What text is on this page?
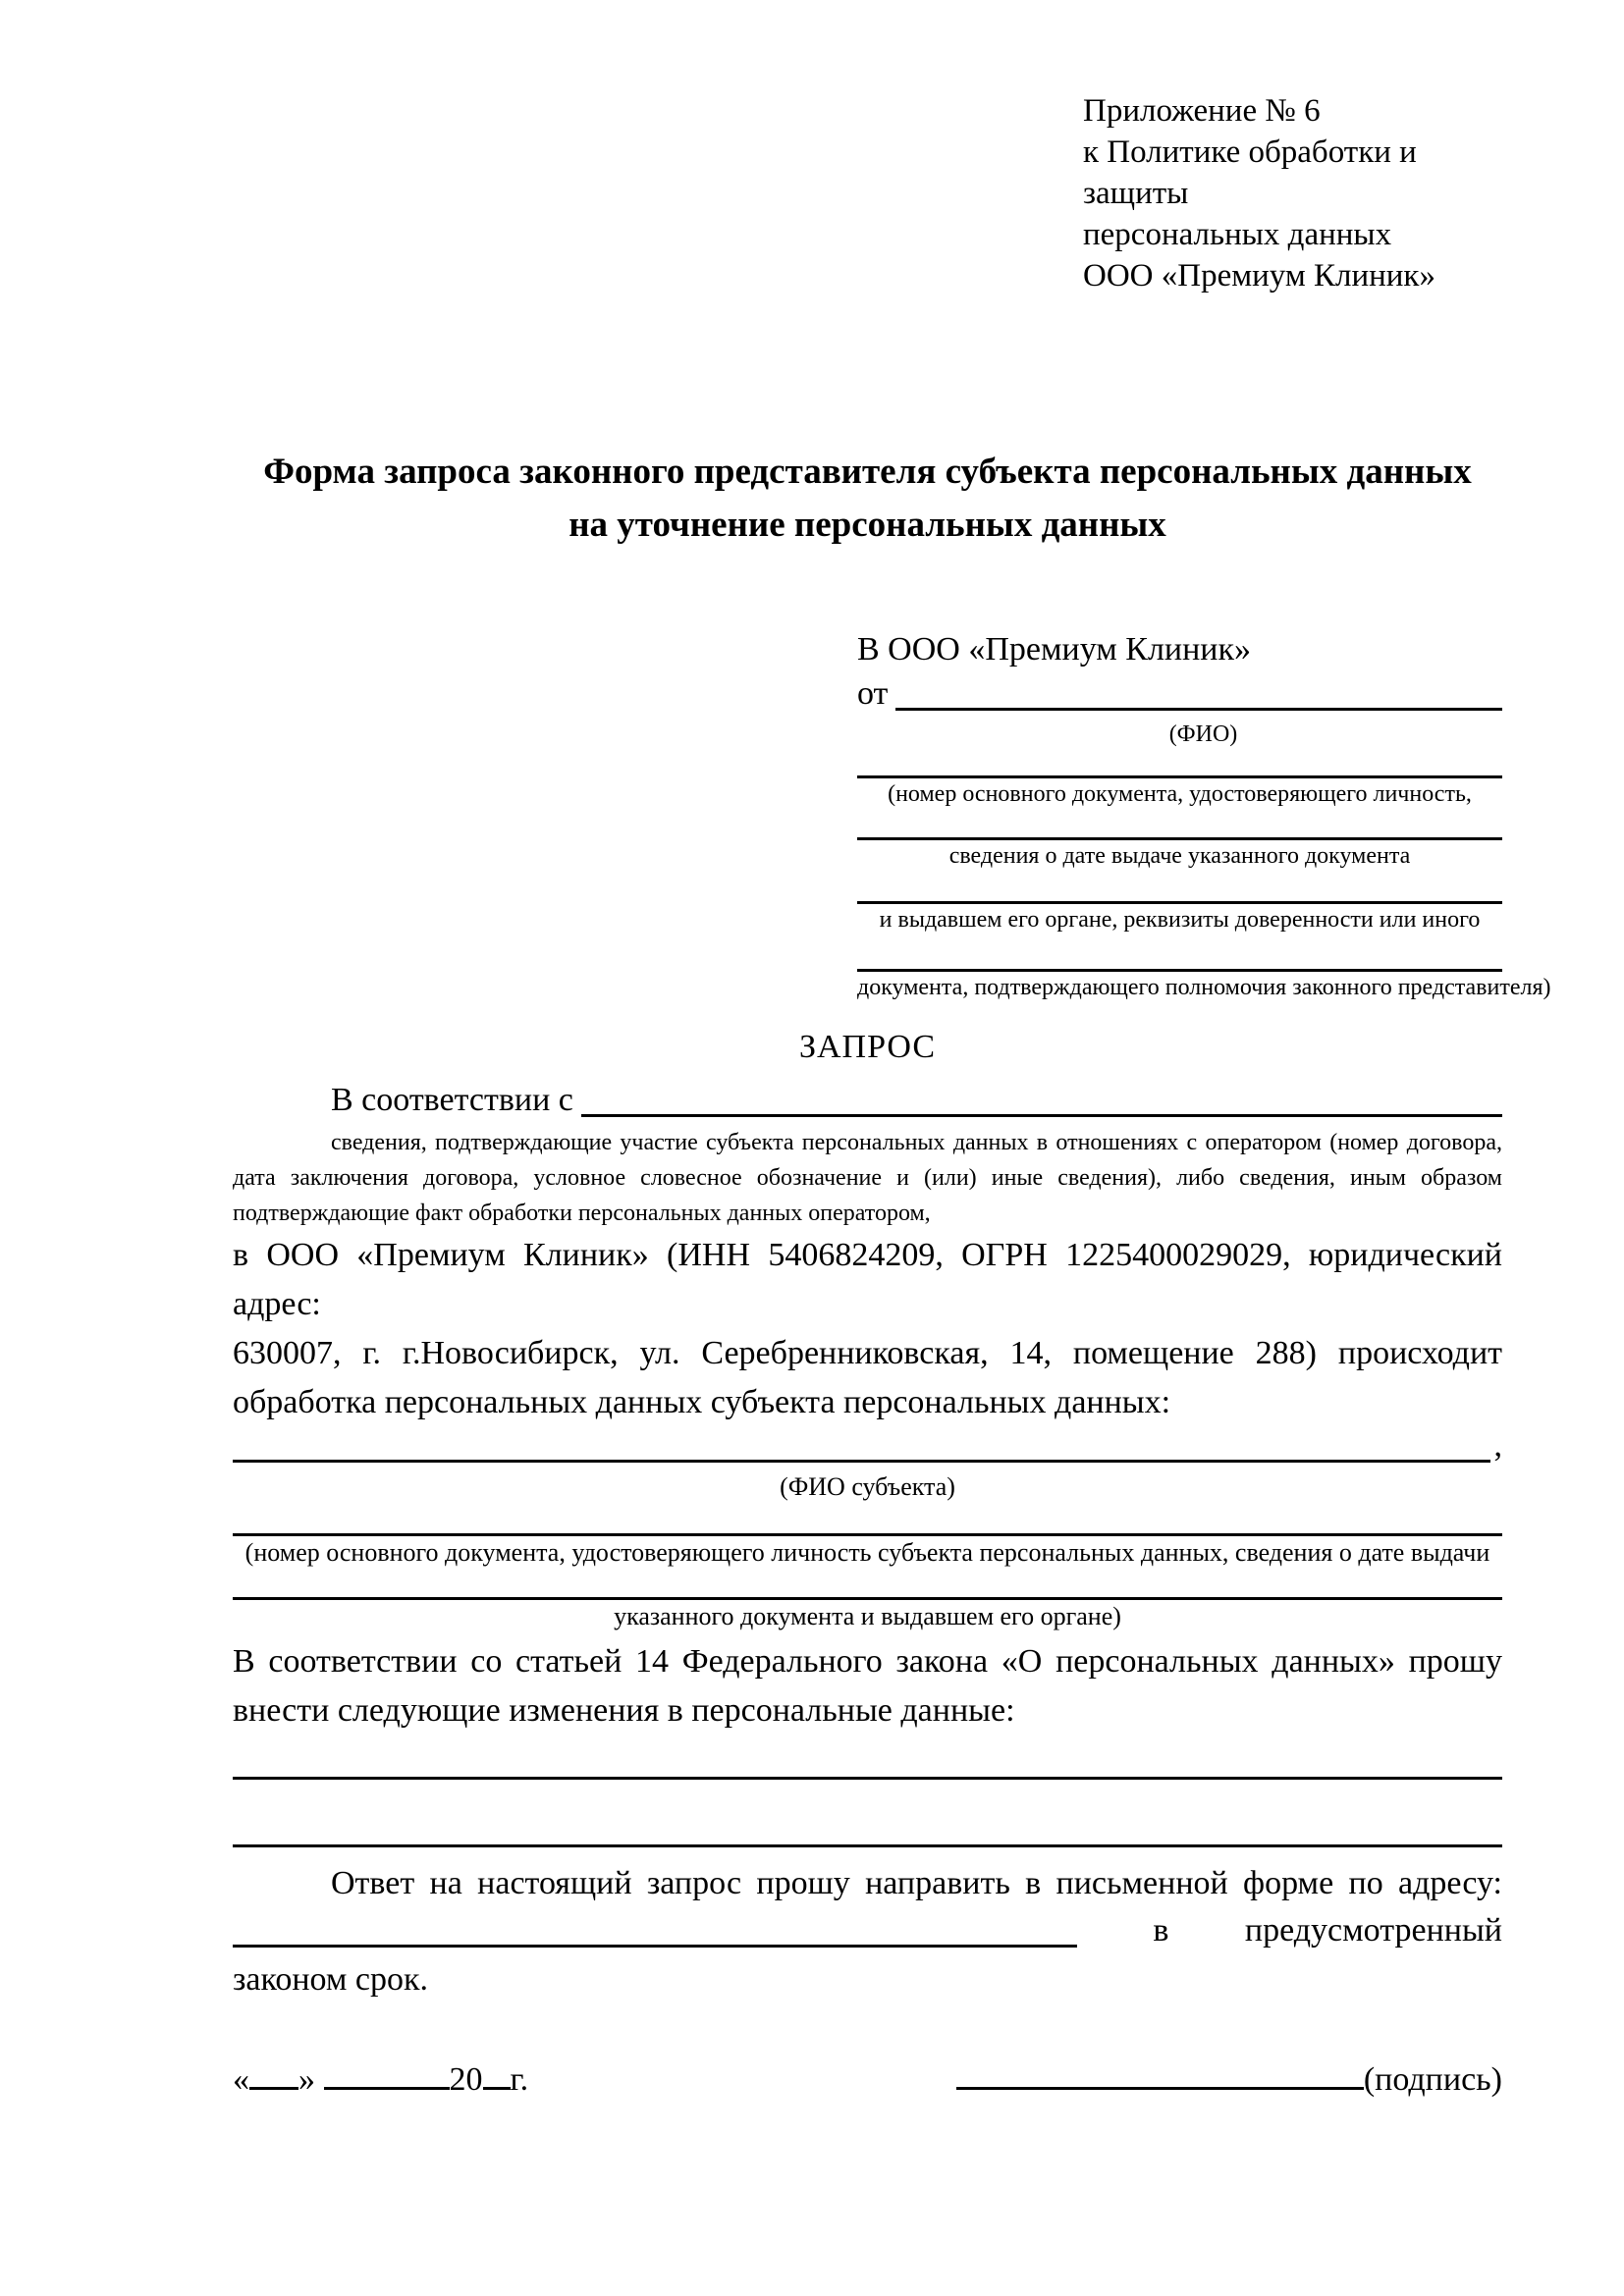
Приложение № 6
к Политике обработки и защиты
персональных данных
ООО «Премиум Клиник»
Форма запроса законного представителя субъекта персональных данных
на уточнение персональных данных
В ООО «Премиум Клиник»
от
(ФИО)
(номер основного документа, удостоверяющего личность,
сведения о дате выдаче указанного документа
и выдавшем его органе, реквизиты доверенности или иного
документа, подтверждающего полномочия законного представителя)
ЗАПРОС
В соответствии с
сведения, подтверждающие участие субъекта персональных данных в отношениях с оператором (номер договора, дата заключения договора, условное словесное обозначение и (или) иные сведения), либо сведения, иным образом подтверждающие факт обработки персональных данных оператором,
в ООО «Премиум Клиник» (ИНН 5406824209, ОГРН 1225400029029, юридический адрес:
630007, г. г.Новосибирск, ул. Серебренниковская, 14, помещение 288) происходит
обработка персональных данных субъекта персональных данных:
,
(ФИО субъекта)
(номер основного документа, удостоверяющего личность субъекта персональных данных, сведения о дате выдачи
указанного документа и выдавшем его органе)
В соответствии со статьей 14 Федерального закона «О персональных данных» прошу
внести следующие изменения в персональные данные:
Ответ на настоящий запрос прошу направить в письменной форме по адресу:
в предусмотренный
законом срок.
« »	20 г.	(подпись)
